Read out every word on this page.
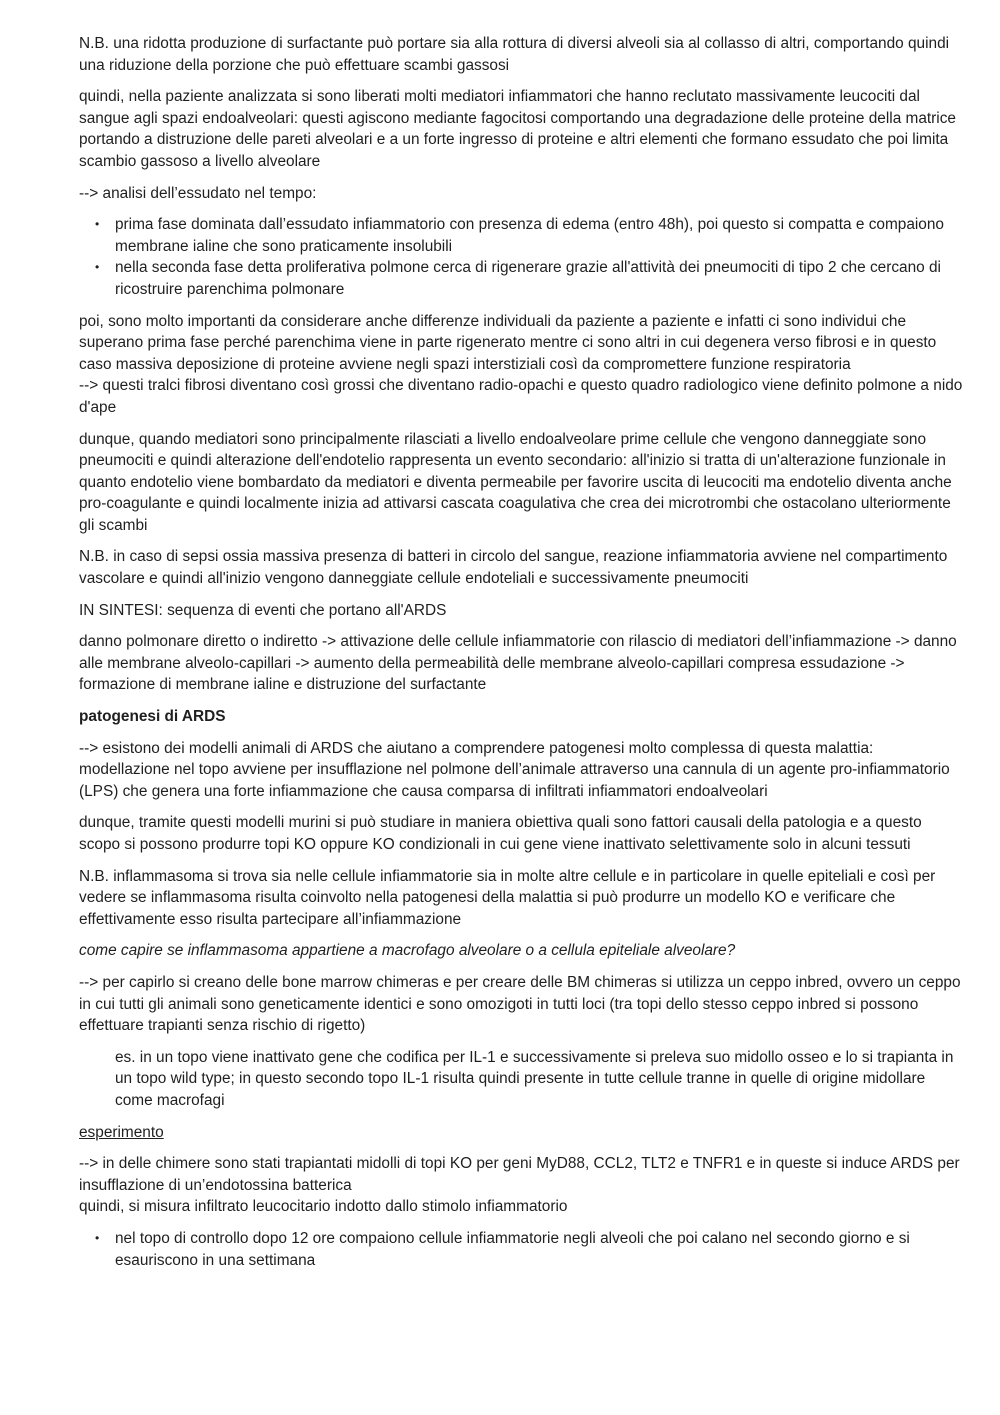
N.B. una ridotta produzione di surfactante può portare sia alla rottura di diversi alveoli sia al collasso di altri, comportando quindi una riduzione della porzione che può effettuare scambi gassosi

quindi, nella paziente analizzata si sono liberati molti mediatori infiammatori che hanno reclutato massivamente leucociti dal sangue agli spazi endoalveolari: questi agiscono mediante fagocitosi comportando una degradazione delle proteine della matrice portando a distruzione delle pareti alveolari e a un forte ingresso di proteine e altri elementi che formano essudato che poi limita scambio gassoso a livello alveolare

--> analisi dell’essudato nel tempo:

• prima fase dominata dall’essudato infiammatorio con presenza di edema (entro 48h), poi questo si compatta e compaiono membrane ialine che sono praticamente insolubili
• nella seconda fase detta proliferativa polmone cerca di rigenerare grazie all'attività dei pneumociti di tipo 2 che cercano di ricostruire parenchima polmonare

poi, sono molto importanti da considerare anche differenze individuali da paziente a paziente e infatti ci sono individui che superano prima fase perché parenchima viene in parte rigenerato mentre ci sono altri in cui degenera verso fibrosi e in questo caso massiva deposizione di proteine avviene negli spazi interstiziali così da compromettere funzione respiratoria

--> questi tralci fibrosi diventano così grossi che diventano radio-opachi e questo quadro radiologico viene definito polmone a nido d'ape

dunque, quando mediatori sono principalmente rilasciati a livello endoalveolare prime cellule che vengono danneggiate sono pneumociti e quindi alterazione dell'endotelio rappresenta un evento secondario: all'inizio si tratta di un'alterazione funzionale in quanto endotelio viene bombardato da mediatori e diventa permeabile per favorire uscita di leucociti ma endotelio diventa anche pro-coagulante e quindi localmente inizia ad attivarsi cascata coagulativa che crea dei microtrombi che ostacolano ulteriormente gli scambi

N.B. in caso di sepsi ossia massiva presenza di batteri in circolo del sangue, reazione infiammatoria avviene nel compartimento vascolare e quindi all'inizio vengono danneggiate cellule endoteliali e successivamente pneumociti

IN SINTESI: sequenza di eventi che portano all'ARDS

danno polmonare diretto o indiretto -> attivazione delle cellule infiammatorie con rilascio di mediatori dell’infiammazione -> danno alle membrane alveolo-capillari -> aumento della permeabilità delle membrane alveolo-capillari compresa essudazione -> formazione di membrane ialine e distruzione del surfactante

patogenesi di ARDS

--> esistono dei modelli animali di ARDS che aiutano a comprendere patogenesi molto complessa di questa malattia: modellazione nel topo avviene per insufflazione nel polmone dell’animale attraverso una cannula di un agente pro-infiammatorio (LPS) che genera una forte infiammazione che causa comparsa di infiltrati infiammatori endoalveolari

dunque, tramite questi modelli murini si può studiare in maniera obiettiva quali sono fattori causali della patologia e a questo scopo si possono produrre topi KO oppure KO condizionali in cui gene viene inattivato selettivamente solo in alcuni tessuti

N.B. inflammasoma si trova sia nelle cellule infiammatorie sia in molte altre cellule e in particolare in quelle epiteliali e così per vedere se inflammasoma risulta coinvolto nella patogenesi della malattia si può produrre un modello KO e verificare che effettivamente esso risulta partecipare all’infiammazione

come capire se inflammasoma appartiene a macrofago alveolare o a cellula epiteliale alveolare?

--> per capirlo si creano delle bone marrow chimeras e per creare delle BM chimeras si utilizza un ceppo inbred, ovvero un ceppo in cui tutti gli animali sono geneticamente identici e sono omozigoti in tutti loci (tra topi dello stesso ceppo inbred si possono effettuare trapianti senza rischio di rigetto)

es. in un topo viene inattivato gene che codifica per IL-1 e successivamente si preleva suo midollo osseo e lo si trapianta in un topo wild type; in questo secondo topo IL-1 risulta quindi presente in tutte cellule tranne in quelle di origine midollare come macrofagi

esperimento

--> in delle chimere sono stati trapiantati midolli di topi KO per geni MyD88, CCL2, TLT2 e TNFR1 e in queste si induce ARDS per insufflazione di un’endotossina batterica

quindi, si misura infiltrato leucocitario indotto dallo stimolo infiammatorio

• nel topo di controllo dopo 12 ore compaiono cellule infiammatorie negli alveoli che poi calano nel secondo giorno e si esauriscono in una settimana
